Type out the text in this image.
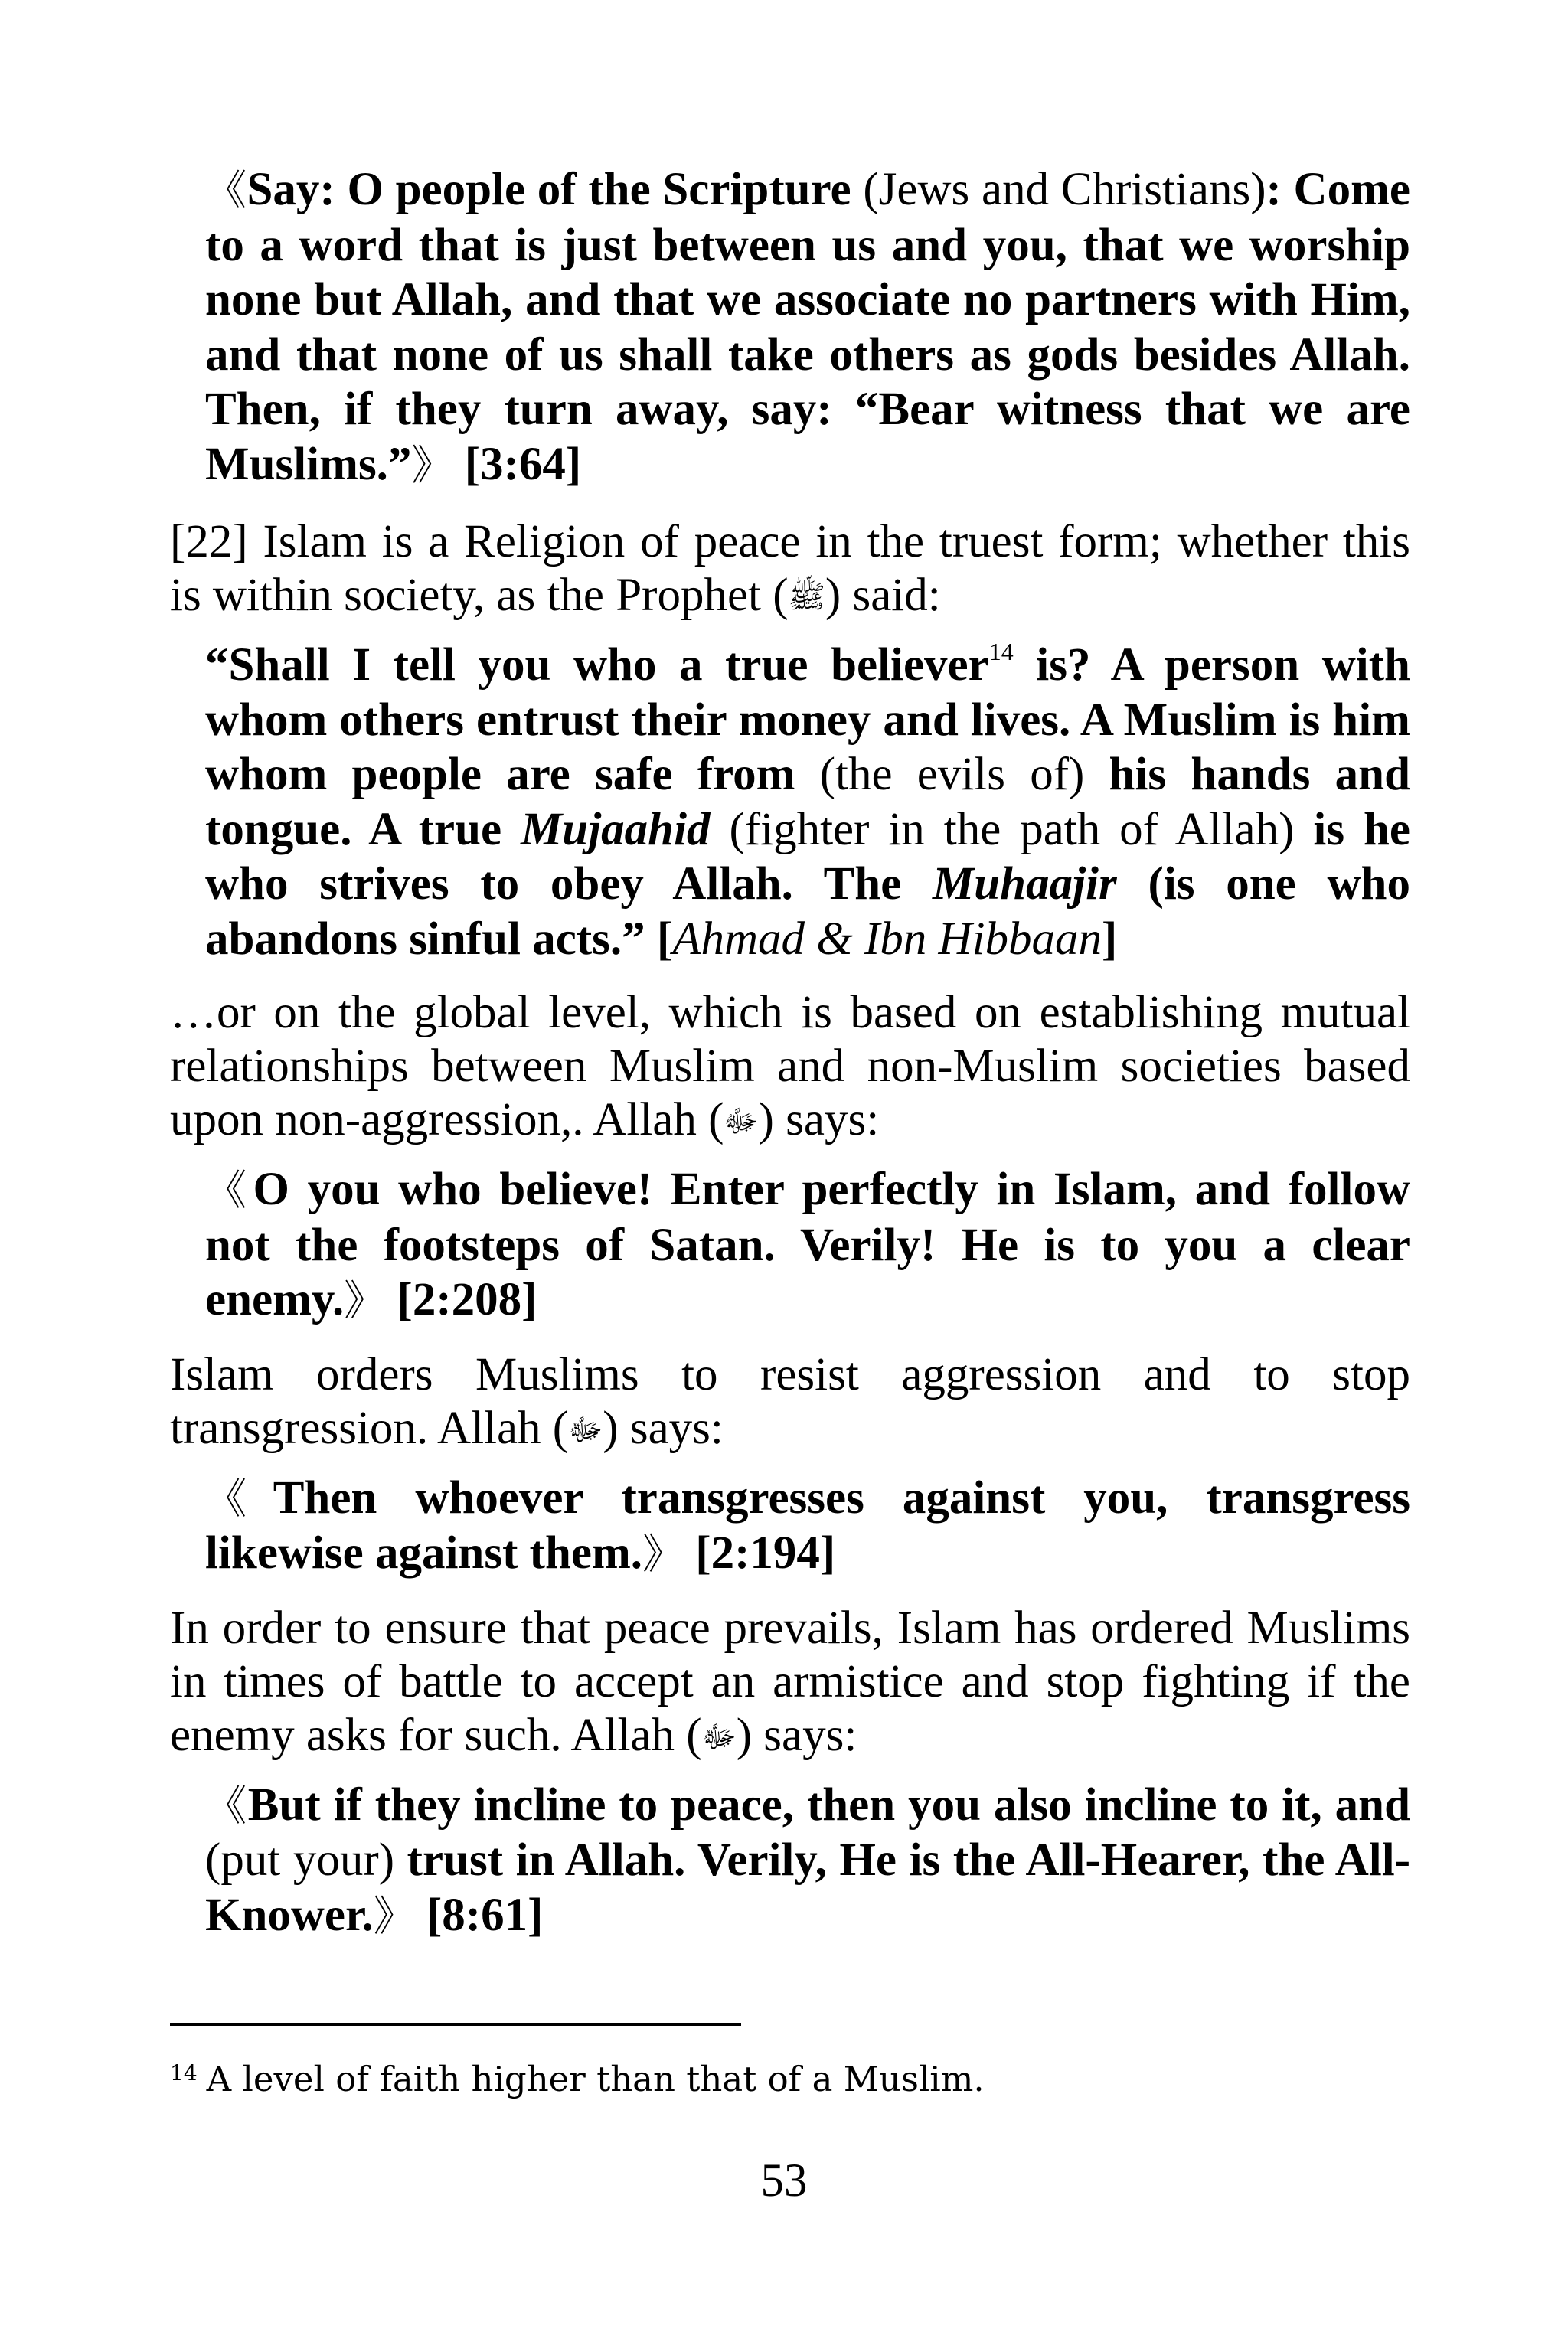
《Say: O people of the Scripture (Jews and Christians): Come to a word that is just between us and you, that we worship none but Allah, and that we associate no partners with Him, and that none of us shall take others as gods besides Allah. Then, if they turn away, say: “Bear witness that we are Muslims.”》 [3:64]
[22] Islam is a Religion of peace in the truest form; whether this is within society, as the Prophet (ﷺ) said:
“Shall I tell you who a true believer$^{14}$ is? A person with whom others entrust their money and lives. A Muslim is him whom people are safe from (the evils of) his hands and tongue. A true Mujaahid (fighter in the path of Allah) is he who strives to obey Allah. The Muhaajir (is one who abandons sinful acts.” [Ahmad & Ibn Hibbaan]
…or on the global level, which is based on establishing mutual relationships between Muslim and non-Muslim societies based upon non-aggression,. Allah (ﷻ) says:
《O you who believe! Enter perfectly in Islam, and follow not the footsteps of Satan. Verily! He is to you a clear enemy.》 [2:208]
Islam orders Muslims to resist aggression and to stop transgression. Allah (ﷻ) says:
《Then whoever transgresses against you, transgress likewise against them.》 [2:194]
In order to ensure that peace prevails, Islam has ordered Muslims in times of battle to accept an armistice and stop fighting if the enemy asks for such. Allah (ﷻ) says:
《But if they incline to peace, then you also incline to it, and (put your) trust in Allah. Verily, He is the All-Hearer, the All-Knower.》 [8:61]
$^{14}$ A level of faith higher than that of a Muslim.
53
